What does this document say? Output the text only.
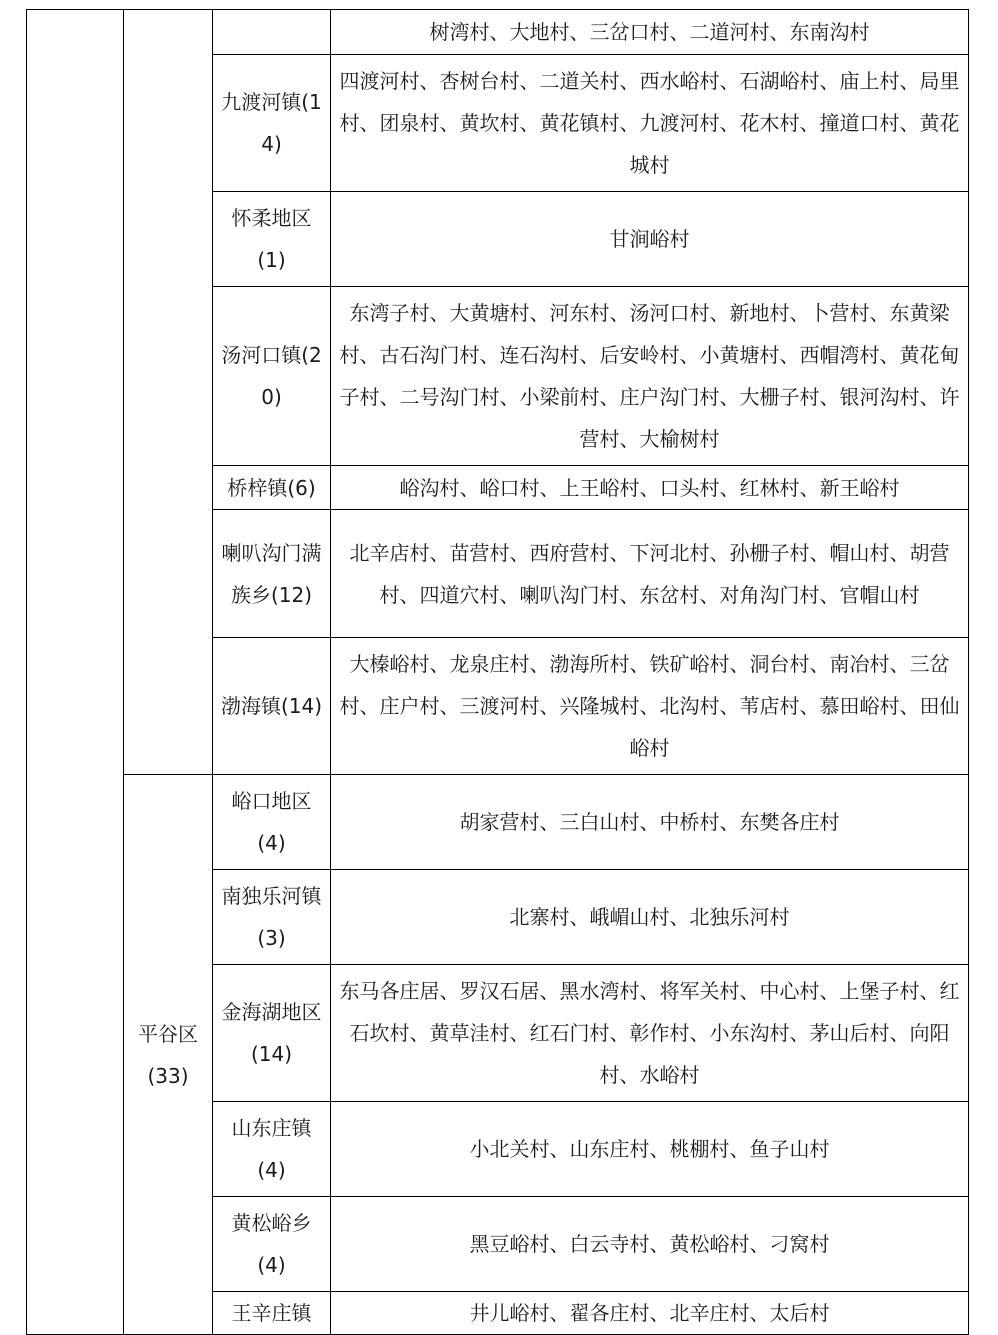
			树湾村、大地村、三岔口村、二道河村、东南沟村

		九渡河镇(14)	四渡河村、杏树台村、二道关村、西水峪村、石湖峪村、庙上村、局里村、团泉村、黄坎村、黄花镇村、九渡河村、花木村、撞道口村、黄花城村

		怀柔地区(1)	甘涧峪村

		汤河口镇(20)	东湾子村、大黄塘村、河东村、汤河口村、新地村、卜营村、东黄梁村、古石沟门村、连石沟村、后安岭村、小黄塘村、西帽湾村、黄花甸子村、二号沟门村、小梁前村、庄户沟门村、大栅子村、银河沟村、许营村、大榆树村

		桥梓镇(6)	峪沟村、峪口村、上王峪村、口头村、红林村、新王峪村

		喇叭沟门满族乡(12)	北辛店村、苗营村、西府营村、下河北村、孙栅子村、帽山村、胡营村、四道穴村、喇叭沟门村、东岔村、对角沟门村、官帽山村

		渤海镇(14)	大榛峪村、龙泉庄村、渤海所村、铁矿峪村、洞台村、南冶村、三岔村、庄户村、三渡河村、兴隆城村、北沟村、苇店村、慕田峪村、田仙峪村

	平谷区(33)	峪口地区(4)	胡家营村、三白山村、中桥村、东樊各庄村

		南独乐河镇(3)	北寨村、峨嵋山村、北独乐河村

		金海湖地区(14)	东马各庄居、罗汉石居、黑水湾村、将军关村、中心村、上堡子村、红石坎村、黄草洼村、红石门村、彰作村、小东沟村、茅山后村、向阳村、水峪村

		山东庄镇(4)	小北关村、山东庄村、桃棚村、鱼子山村

		黄松峪乡(4)	黑豆峪村、白云寺村、黄松峪村、刁窝村

		王辛庄镇	井儿峪村、翟各庄村、北辛庄村、太后村
